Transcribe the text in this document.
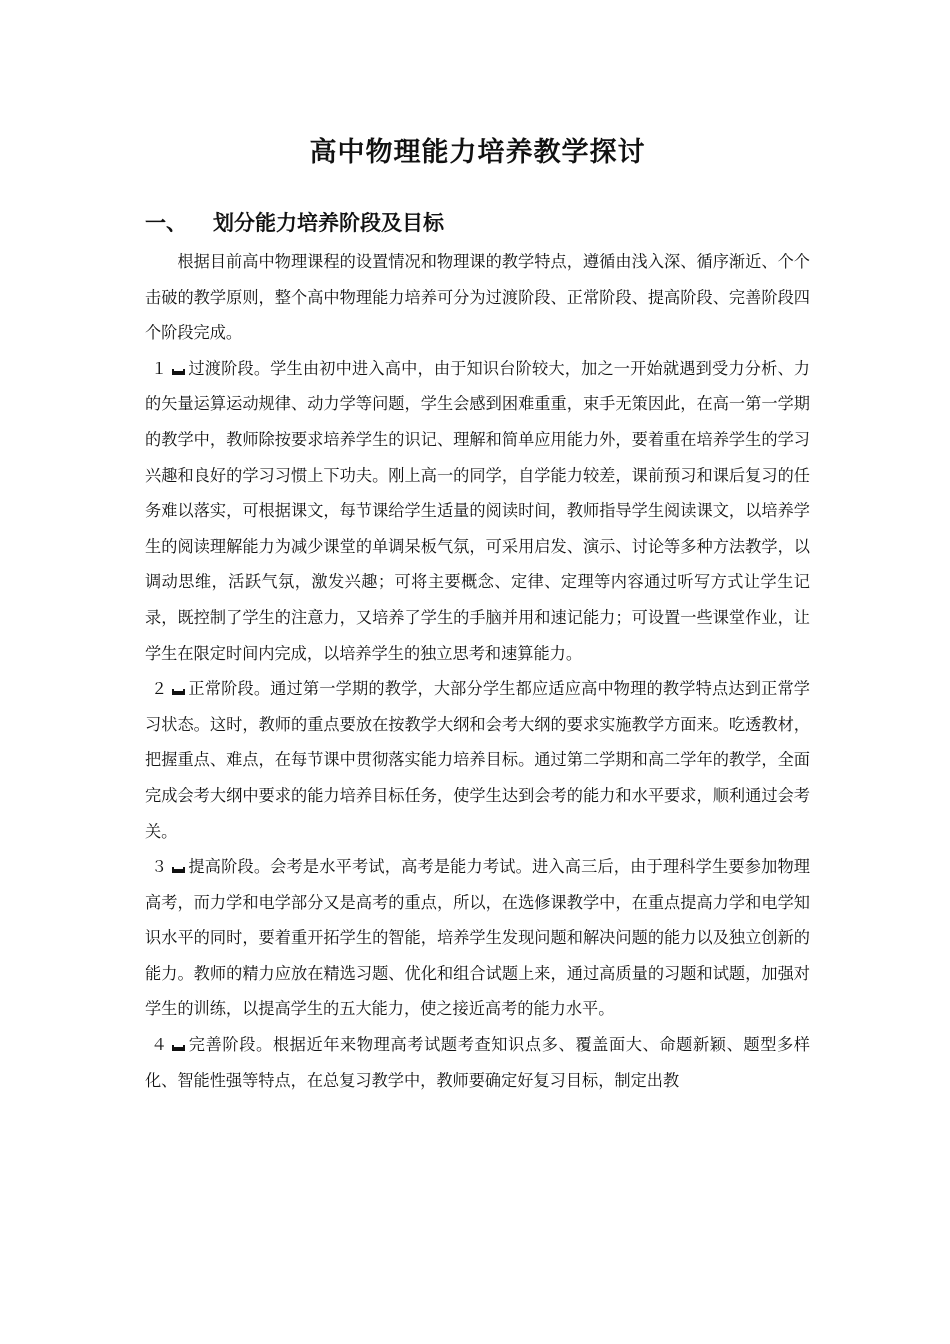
高中物理能力培养教学探讨
一、 划分能力培养阶段及目标

根据目前高中物理课程的设置情况和物理课的教学特点，遵循由浅入深、循序渐近、个个击破的教学原则，整个高中物理能力培养可分为过渡阶段、正常阶段、提高阶段、完善阶段四个阶段完成。

１ 过渡阶段。学生由初中进入高中，由于知识台阶较大，加之一开始就遇到受力分析、力的矢量运算运动规律、动力学等问题，学生会感到困难重重，束手无策因此，在高一第一学期的教学中，教师除按要求培养学生的识记、理解和简单应用能力外，要着重在培养学生的学习兴趣和良好的学习习惯上下功夫。刚上高一的同学，自学能力较差，课前预习和课后复习的任务难以落实，可根据课文，每节课给学生适量的阅读时间，教师指导学生阅读课文，以培养学生的阅读理解能力为减少课堂的单调呆板气氛，可采用启发、演示、讨论等多种方法教学，以调动思维，活跃气氛，激发兴趣；可将主要概念、定律、定理等内容通过听写方式让学生记录，既控制了学生的注意力，又培养了学生的手脑并用和速记能力；可设置一些课堂作业，让学生在限定时间内完成，以培养学生的独立思考和速算能力。

２ 正常阶段。通过第一学期的教学，大部分学生都应适应高中物理的教学特点达到正常学习状态。这时，教师的重点要放在按教学大纲和会考大纲的要求实施教学方面来。吃透教材，把握重点、难点，在每节课中贯彻落实能力培养目标。通过第二学期和高二学年的教学，全面完成会考大纲中要求的能力培养目标任务，使学生达到会考的能力和水平要求，顺利通过会考关。

３ 提高阶段。会考是水平考试，高考是能力考试。进入高三后，由于理科学生要参加物理高考，而力学和电学部分又是高考的重点，所以，在选修课教学中，在重点提高力学和电学知识水平的同时，要着重开拓学生的智能，培养学生发现问题和解决问题的能力以及独立创新的能力。教师的精力应放在精选习题、优化和组合试题上来，通过高质量的习题和试题，加强对学生的训练，以提高学生的五大能力，使之接近高考的能力水平。

４ 完善阶段。根据近年来物理高考试题考查知识点多、覆盖面大、命题新颖、题型多样化、智能性强等特点，在总复习教学中，教师要确定好复习目标，制定出教
